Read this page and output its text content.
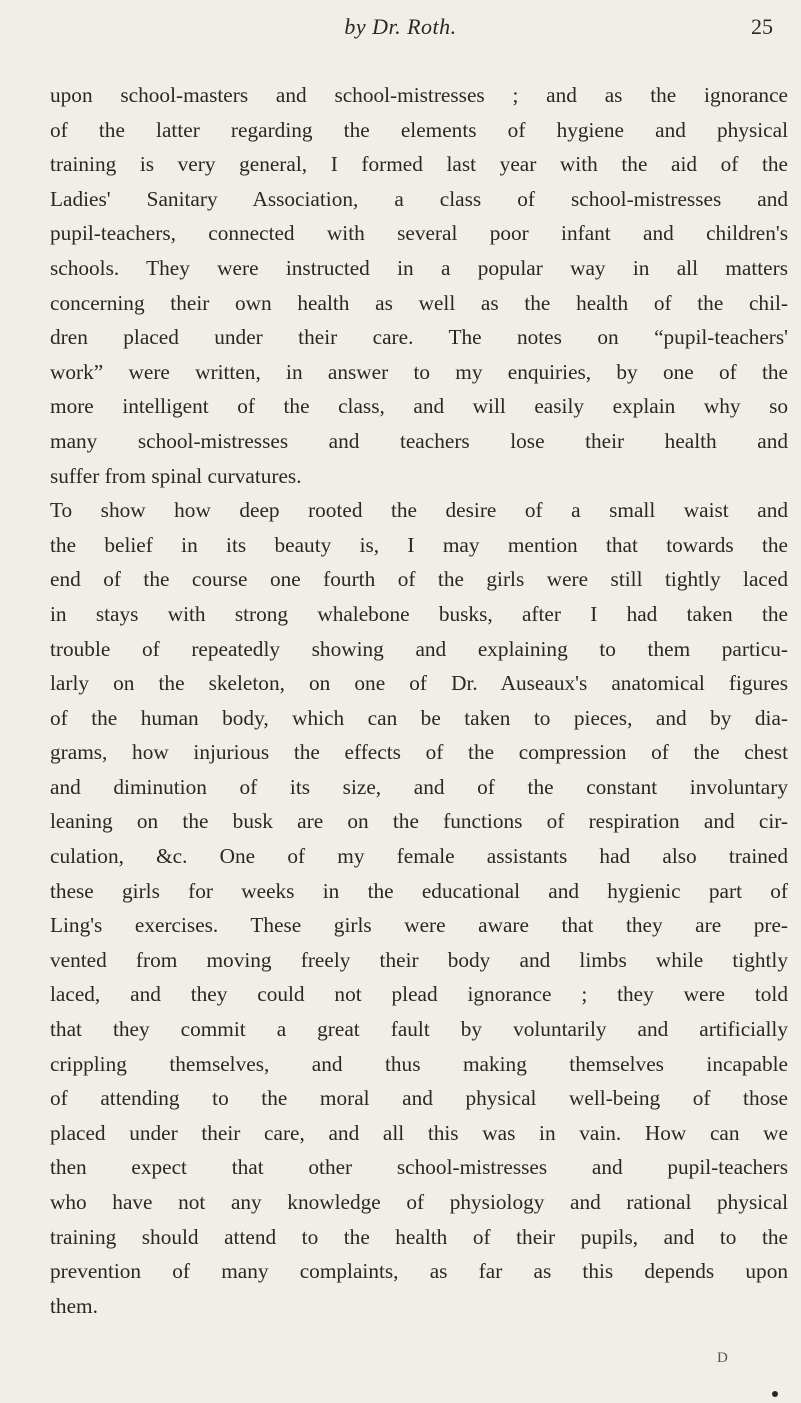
by Dr. Roth.	25
upon school-masters and school-mistresses ; and as the ignorance
of the latter regarding the elements of hygiene and physical
training is very general, I formed last year with the aid of the
Ladies' Sanitary Association, a class of school-mistresses and
pupil-teachers, connected with several poor infant and children's
schools. They were instructed in a popular way in all matters
concerning their own health as well as the health of the chil-
dren placed under their care. The notes on “pupil-teachers'
work” were written, in answer to my enquiries, by one of the
more intelligent of the class, and will easily explain why so
many school-mistresses and teachers lose their health and
suffer from spinal curvatures.
To show how deep rooted the desire of a small waist and
the belief in its beauty is, I may mention that towards the
end of the course one fourth of the girls were still tightly laced
in stays with strong whalebone busks, after I had taken the
trouble of repeatedly showing and explaining to them particu-
larly on the skeleton, on one of Dr. Auseaux's anatomical figures
of the human body, which can be taken to pieces, and by dia-
grams, how injurious the effects of the compression of the chest
and diminution of its size, and of the constant involuntary
leaning on the busk are on the functions of respiration and cir-
culation, &c. One of my female assistants had also trained
these girls for weeks in the educational and hygienic part of
Ling's exercises. These girls were aware that they are pre-
vented from moving freely their body and limbs while tightly
laced, and they could not plead ignorance ; they were told
that they commit a great fault by voluntarily and artificially
crippling themselves, and thus making themselves incapable
of attending to the moral and physical well-being of those
placed under their care, and all this was in vain. How can we
then expect that other school-mistresses and pupil-teachers
who have not any knowledge of physiology and rational physical
training should attend to the health of their pupils, and to the
prevention of many complaints, as far as this depends upon
them.
D
